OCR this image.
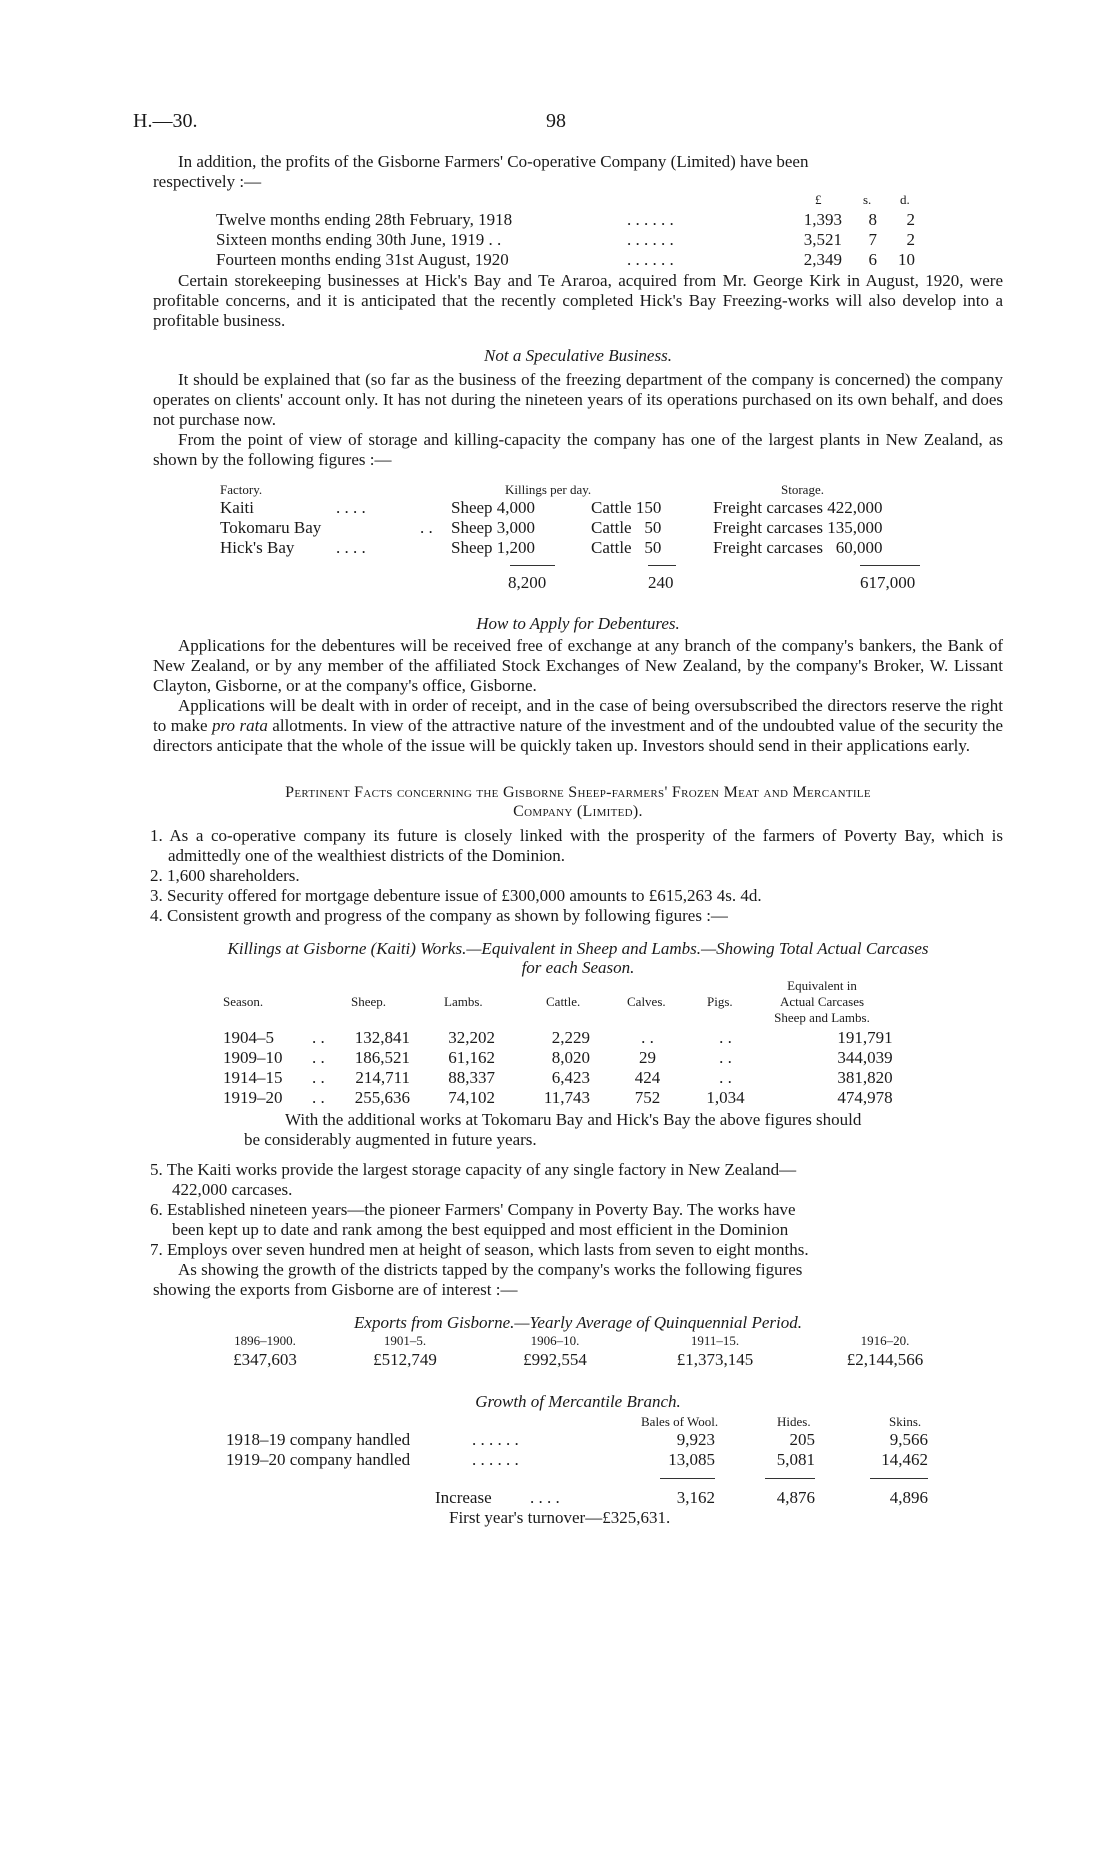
H.—30.	98
In addition, the profits of the Gisborne Farmers' Co-operative Company (Limited) have been
respectively :—
£	s. d.
Twelve months ending 28th February, 1918	. . . . . .	1,393	8	2
Sixteen months ending 30th June, 1919 . .	. . . . . .	3,521	7	2
Fourteen months ending 31st August, 1920	. . . . . .	2,349	6	10
Certain storekeeping businesses at Hick's Bay and Te Araroa, acquired from Mr. George Kirk in August, 1920, were profitable concerns, and it is anticipated that the recently completed Hick's Bay Freezing-works will also develop into a profitable business.
Not a Speculative Business.
It should be explained that (so far as the business of the freezing department of the company is concerned) the company operates on clients' account only. It has not during the nineteen years of its operations purchased on its own behalf, and does not purchase now.
From the point of view of storage and killing-capacity the company has one of the largest plants in New Zealand, as shown by the following figures :—
Factory.	Killings per day.	Storage.
Kaiti	. . . .	Sheep 4,000	Cattle 150	Freight carcases 422,000
Tokomaru Bay	. . Sheep 3,000	Cattle   50	Freight carcases 135,000
Hick's Bay . . . .	Sheep 1,200	Cattle   50	Freight carcases   60,000
8,200	240	617,000
How to Apply for Debentures.
Applications for the debentures will be received free of exchange at any branch of the company's bankers, the Bank of New Zealand, or by any member of the affiliated Stock Exchanges of New Zealand, by the company's Broker, W. Lissant Clayton, Gisborne, or at the company's office, Gisborne.
Applications will be dealt with in order of receipt, and in the case of being oversubscribed the directors reserve the right to make pro rata allotments. In view of the attractive nature of the investment and of the undoubted value of the security the directors anticipate that the whole of the issue will be quickly taken up. Investors should send in their applications early.
Pertinent Facts concerning the Gisborne Sheep-farmers' Frozen Meat and Mercantile
Company (Limited).
1. As a co-operative company its future is closely linked with the prosperity of the farmers of Poverty Bay, which is admittedly one of the wealthiest districts of the Dominion.
2. 1,600 shareholders.
3. Security offered for mortgage debenture issue of £300,000 amounts to £615,263 4s. 4d.
4. Consistent growth and progress of the company as shown by following figures :—
Killings at Gisborne (Kaiti) Works.—Equivalent in Sheep and Lambs.—Showing Total Actual Carcases
for each Season.
Equivalent in
Actual Carcases
Sheep and Lambs.
Season.	Sheep.	Lambs.	Cattle.	Calves.	Pigs.
1904–5 . .	132,841	32,202	2,229	. .	. .	191,791
1909–10 . .	186,521	61,162	8,020	29	. .	344,039
1914–15 . .	214,711	88,337	6,423	424	. .	381,820
1919–20 . .	255,636	74,102	11,743	752	1,034	474,978
With the additional works at Tokomaru Bay and Hick's Bay the above figures should
be considerably augmented in future years.
5. The Kaiti works provide the largest storage capacity of any single factory in New Zealand—
422,000 carcases.
6. Established nineteen years—the pioneer Farmers' Company in Poverty Bay. The works have
been kept up to date and rank among the best equipped and most efficient in the Dominion
7. Employs over seven hundred men at height of season, which lasts from seven to eight months.
As showing the growth of the districts tapped by the company's works the following figures
showing the exports from Gisborne are of interest :—
Exports from Gisborne.—Yearly Average of Quinquennial Period.
1896–1900.	1901–5.	1906–10.	1911–15.	1916–20.
£347,603	£512,749	£992,554	£1,373,145	£2,144,566
Growth of Mercantile Branch.
Bales of Wool.	Hides.	Skins.
1918–19 company handled	. . . . . .	9,923	205	9,566
1919–20 company handled	. . . . . .	13,085	5,081	14,462
Increase . . . .	3,162	4,876	4,896
First year's turnover—£325,631.
